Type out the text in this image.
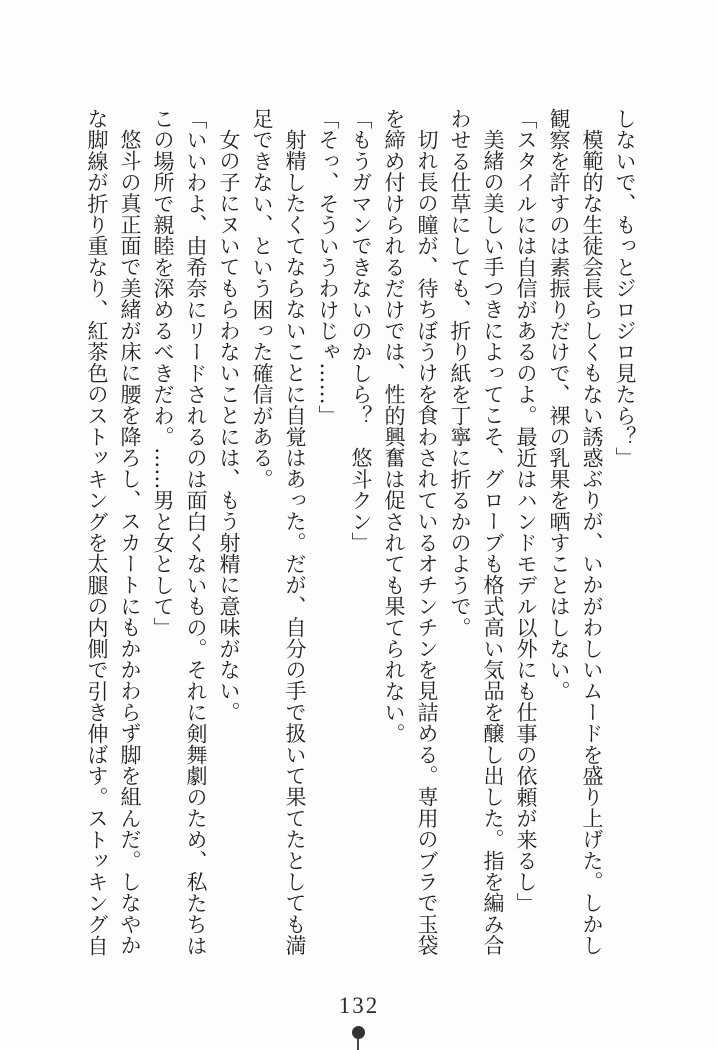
しないで、もっとジロジロ見たら？」

模範的な生徒会長らしくもない誘惑ぶりが、いかがわしいムードを盛り上げた。しかし観察を許すのは素振りだけで、裸の乳果を晒すことはしない。

「スタイルには自信があるのよ。最近はハンドモデル以外にも仕事の依頼が来るし」

美緒の美しい手つきによってこそ、グローブも格式高い気品を醸し出した。指を編み合わせる仕草にしても、折り紙を丁寧に折るかのようで。

切れ長の瞳が、待ちぼうけを食わされているオチンチンを見詰める。専用のブラで玉袋を締め付けられるだけでは、性的興奮は促されても果てられない。

「もうガマンできないのかしら？　悠斗クン」

「そっ、そういうわけじゃ……」

射精したくてならないことに自覚はあった。だが、自分の手で扱いて果てたとしても満足できない、という困った確信がある。

女の子にヌいてもらわないことには、もう射精に意味がない。

「いいわよ、由希奈にリードされるのは面白くないもの。それに剣舞劇のため、私たちはこの場所で親睦を深めるべきだわ。……男と女として」

悠斗の真正面で美緒が床に腰を降ろし、スカートにもかかわらず脚を組んだ。しなやかな脚線が折り重なり、紅茶色のストッキングを太腿の内側で引き伸ばす。ストッキング自

132
